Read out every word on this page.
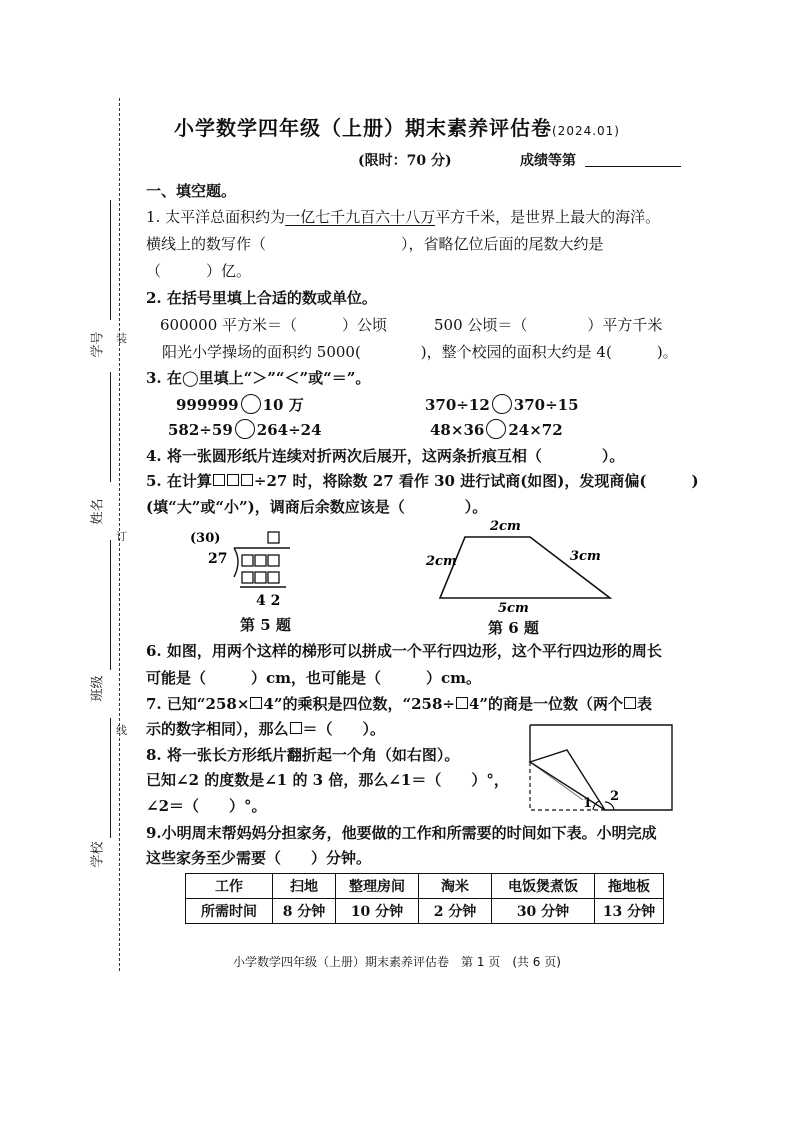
学号
姓名
班级
学校
装
订
线
小学数学四年级（上册）期末素养评估卷(2024.01)
(限时：70 分)	成绩等第
一、填空题。
1. 太平洋总面积约为一亿七千九百六十八万平方千米，是世界上最大的海洋。
横线上的数写作（　　　　　　　　　），省略亿位后面的尾数大约是
（　　　）亿。
2. 在括号里填上合适的数或单位。
600000 平方米＝（　　　）公顷	500 公顷＝（　　　　）平方千米
阳光小学操场的面积约 5000(　　　　)，整个校园的面积大约是 4(　　　)。
3. 在◯里填上“＞”“＜”或“＝”。
999999 10 万	370÷12 370÷15
582÷59 264÷24	48×36 24×72
4. 将一张圆形纸片连续对折两次后展开，这两条折痕互相（　　　　）。
5. 在计算	÷27 时，将除数 27 看作 30 进行试商(如图)，发现商偏(　　　)
(填“大”或“小”)，调商后余数应该是（　　　　）。
(30)
27
4 2
第 5 题
2cm
2cm	3cm
5cm
第 6 题
6. 如图，用两个这样的梯形可以拼成一个平行四边形，这个平行四边形的周长
可能是（　　　）cm，也可能是（　　　）cm。
7. 已知“258× 4”的乘积是四位数，“258÷ 4”的商是一位数（两个 表
示的数字相同），那么 ＝（　　）。
8. 将一张长方形纸片翻折起一个角（如右图）。
已知∠2 的度数是∠1 的 3 倍，那么∠1＝（　　）°，
∠2＝（　　）°。	1 2
9.小明周末帮妈妈分担家务，他要做的工作和所需要的时间如下表。小明完成
这些家务至少需要（　　）分钟。
工作	扫地	整理房间	淘米	电饭煲煮饭	拖地板
所需时间	8 分钟	10 分钟	2 分钟	30 分钟	13 分钟
小学数学四年级（上册）期末素养评估卷　第 1 页　(共 6 页)
